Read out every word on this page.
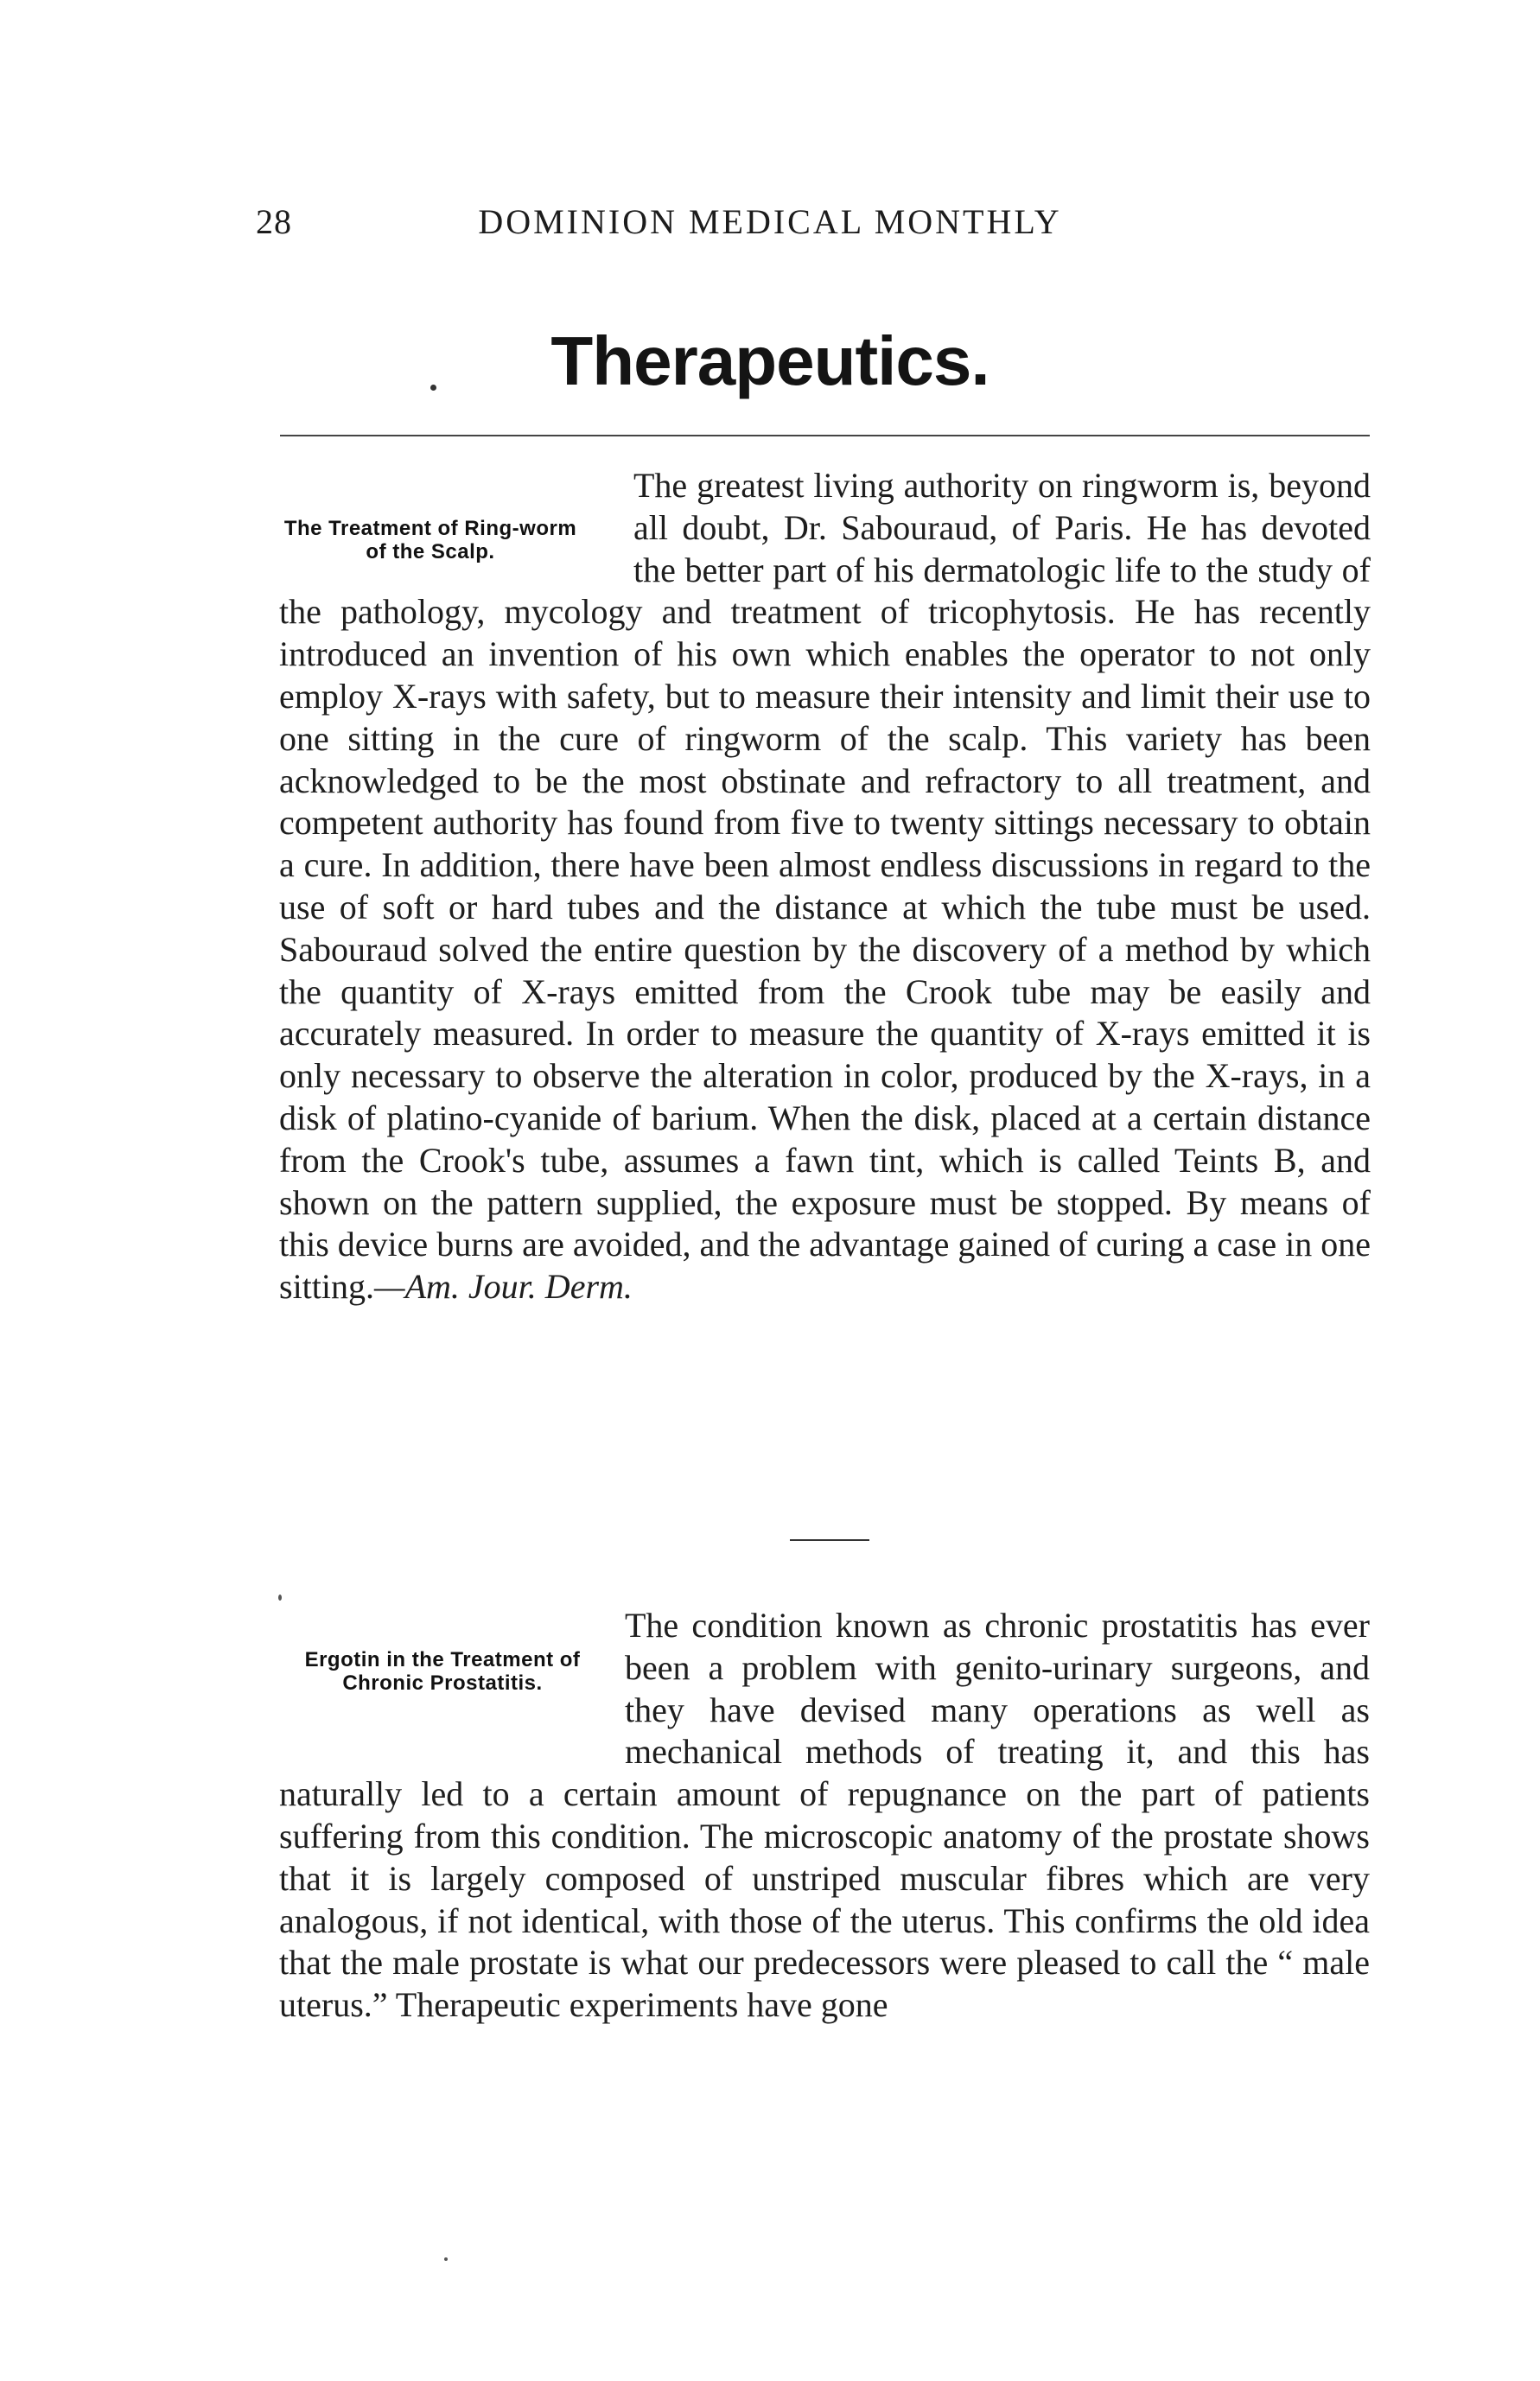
28	DOMINION MEDICAL MONTHLY
Therapeutics.
The Treatment of Ring-worm of the Scalp.

The greatest living authority on ringworm is, beyond all doubt, Dr. Sabouraud, of Paris. He has devoted the better part of his dermatologic life to the study of the pathology, mycology and treatment of tricophytosis. He has recently introduced an invention of his own which enables the operator to not only employ X-rays with safety, but to measure their intensity and limit their use to one sitting in the cure of ringworm of the scalp. This variety has been acknowledged to be the most obstinate and refractory to all treatment, and competent authority has found from five to twenty sittings necessary to obtain a cure. In addition, there have been almost endless discussions in regard to the use of soft or hard tubes and the distance at which the tube must be used. Sabouraud solved the entire question by the discovery of a method by which the quantity of X-rays emitted from the Crook tube may be easily and accurately measured. In order to measure the quantity of X-rays emitted it is only necessary to observe the alteration in color, produced by the X-rays, in a disk of platino-cyanide of barium. When the disk, placed at a certain distance from the Crook's tube, assumes a fawn tint, which is called Teints B, and shown on the pattern supplied, the exposure must be stopped. By means of this device burns are avoided, and the advantage gained of curing a case in one sitting.—Am. Jour. Derm.

Ergotin in the Treatment of Chronic Prostatitis.

The condition known as chronic prostatitis has ever been a problem with genito-urinary surgeons, and they have devised many operations as well as mechanical methods of treating it, and this has naturally led to a certain amount of repugnance on the part of patients suffering from this condition. The microscopic anatomy of the prostate shows that it is largely composed of unstriped muscular fibres which are very analogous, if not identical, with those of the uterus. This confirms the old idea that the male prostate is what our predecessors were pleased to call the “ male uterus.” Therapeutic experiments have gone
